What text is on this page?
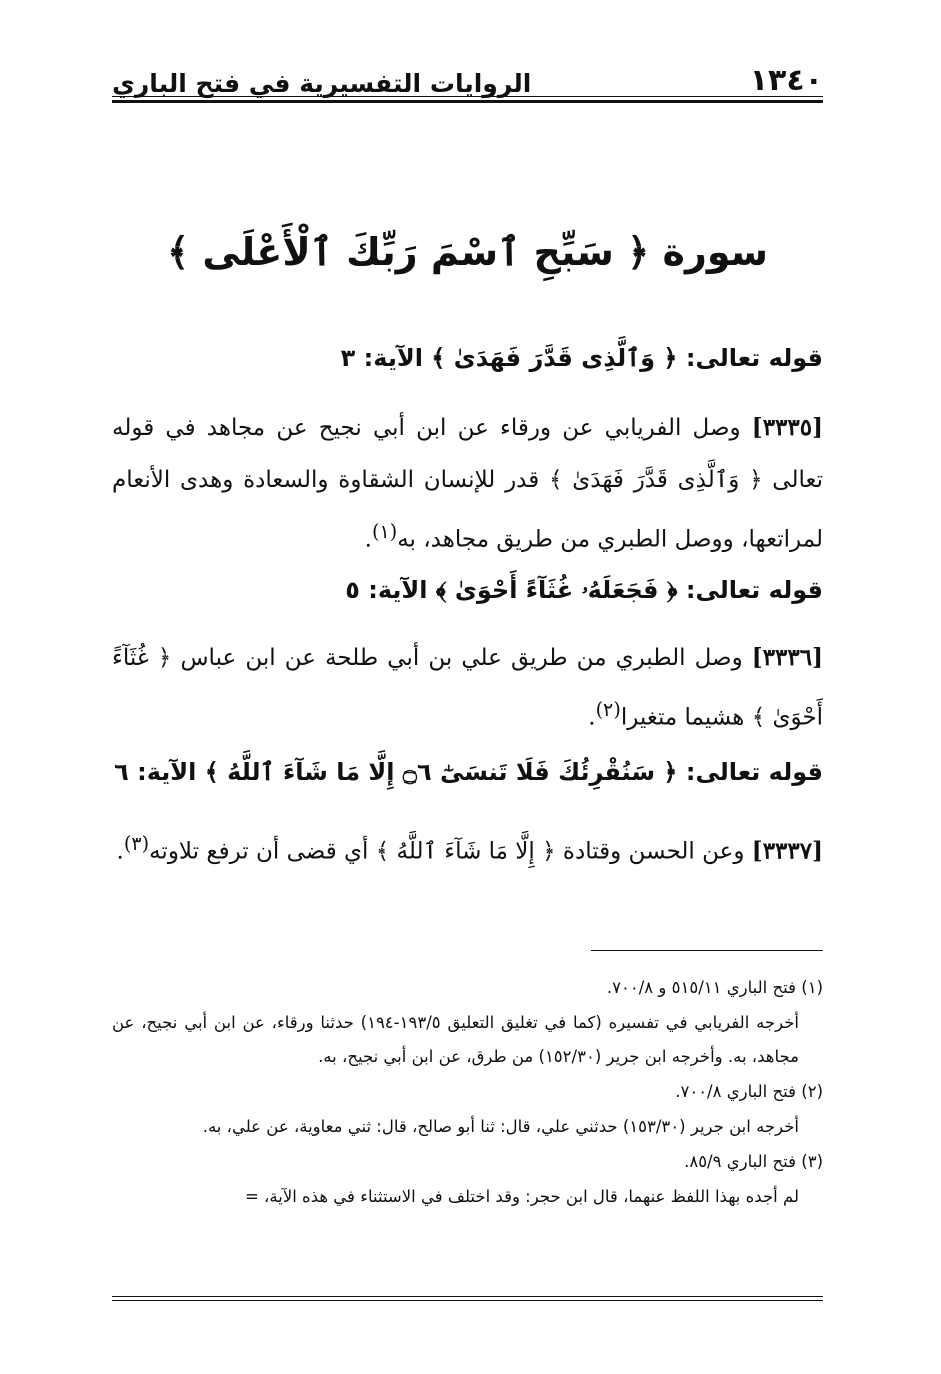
١٣٤٠
الروايات التفسيرية في فتح الباري
سورة ﴿ سَبِّحِ ٱسْمَ رَبِّكَ ٱلْأَعْلَى ﴾
قوله تعالى: ﴿ وَٱلَّذِى قَدَّرَ فَهَدَىٰ ﴾ الآية: ٣
[٣٣٣٥] وصل الفريابي عن ورقاء عن ابن أبي نجيح عن مجاهد في قوله تعالى ﴿ وَٱلَّذِى قَدَّرَ فَهَدَىٰ ﴾ قدر للإنسان الشقاوة والسعادة وهدى الأنعام لمراتعها، ووصل الطبري من طريق مجاهد، به$^{(١)}$.
قوله تعالى: ﴿ فَجَعَلَهُۥ غُثَآءً أَحْوَىٰ ﴾ الآية: ٥
[٣٣٣٦] وصل الطبري من طريق علي بن أبي طلحة عن ابن عباس ﴿ غُثَآءً أَحْوَىٰ ﴾ هشيما متغيرا$^{(٢)}$.
قوله تعالى: ﴿ سَنُقْرِئُكَ فَلَا تَنسَىٰٓ ۝٦ إِلَّا مَا شَآءَ ٱللَّهُ ﴾ الآية: ٦
[٣٣٣٧] وعن الحسن وقتادة ﴿ إِلَّا مَا شَآءَ ٱللَّهُ ﴾ أي قضى أن ترفع تلاوته$^{(٣)}$.
(١) فتح الباري ٥١٥/١١ و ٧٠٠/٨.
أخرجه الفريابي في تفسيره (كما في تغليق التعليق ١٩٣/٥-١٩٤) حدثنا ورقاء، عن ابن أبي نجيح، عن مجاهد، به. وأخرجه ابن جرير (١٥٢/٣٠) من طرق، عن ابن أبي نجيح، به.
(٢) فتح الباري ٧٠٠/٨.
أخرجه ابن جرير (١٥٣/٣٠) حدثني علي، قال: ثنا أبو صالح، قال: ثني معاوية، عن علي، به.
(٣) فتح الباري ٨٥/٩.
لم أجده بهذا اللفظ عنهما، قال ابن حجر: وقد اختلف في الاستثناء في هذه الآية، =
